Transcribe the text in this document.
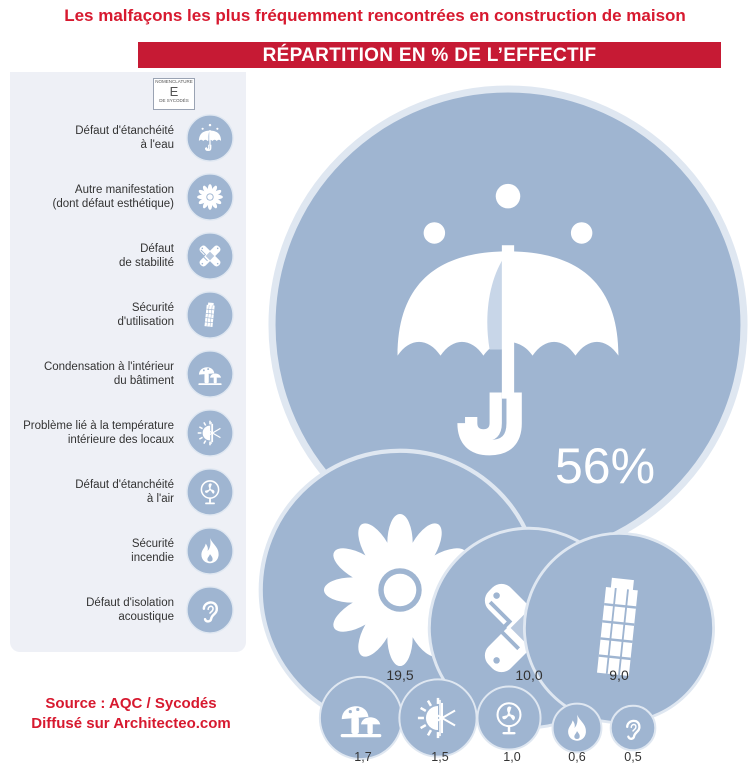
Les malfaçons les plus fréquemment rencontrées en construction de maison
RÉPARTITION EN % DE L’EFFECTIF
NOMENCLATURE
E
DE SYCODÉS
Défaut d'étanchéité
à l'eau
Autre manifestation
(dont défaut esthétique)
Défaut
de stabilité
Sécurité
d'utilisation
Condensation à l'intérieur
du bâtiment
Problème lié à la température
intérieure des locaux
Défaut d'étanchéité
à l'air
Sécurité
incendie
Défaut d'isolation
acoustique
56%
19,5	10,0	9,0
1,7	1,5	1,0	0,6	0,5
Source : AQC / Sycodés
Diffusé sur Architecteo.com
